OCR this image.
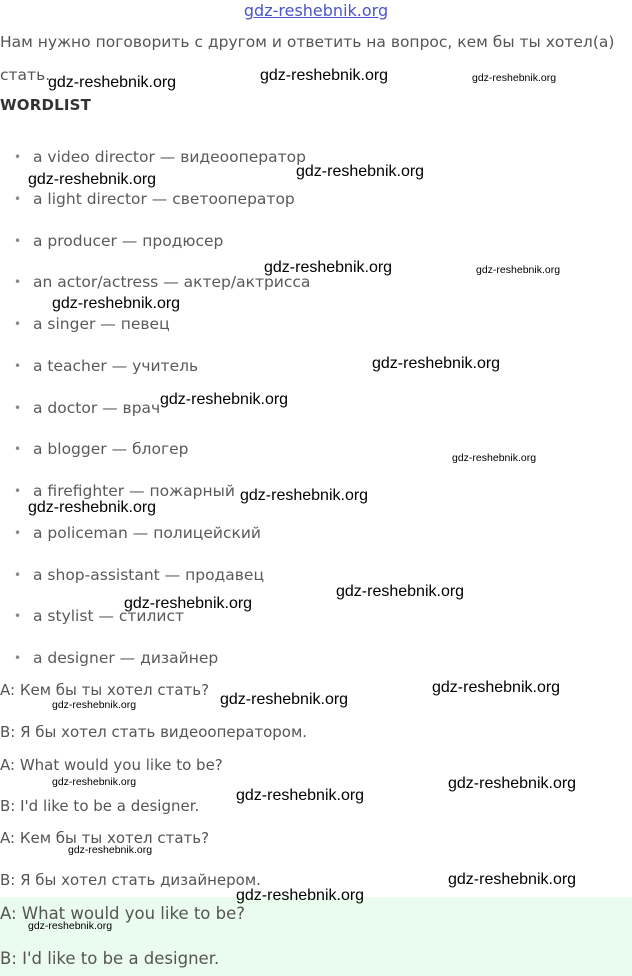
gdz-reshebnik.org
Нам нужно поговорить с другом и ответить на вопрос, кем бы ты хотел(а)
стать.
WORDLIST
• a video director — видеооператор
• a light director — светооператор
• a producer — продюсер
• an actor/actress — актер/актрисса
• a singer — певец
• a teacher — учитель
• a doctor — врач
• a blogger — блогер
• a firefighter — пожарный
• a policeman — полицейский
• a shop-assistant — продавец
• a stylist — стилист
• a designer — дизайнер
A: Кем бы ты хотел стать?
B: Я бы хотел стать видеооператором.
A: What would you like to be?
B: I'd like to be a designer.
A: Кем бы ты хотел стать?
B: Я бы хотел стать дизайнером.
A: What would you like to be?
B: I'd like to be a designer.
gdz-reshebnik.org	gdz-reshebnik.org	gdz-reshebnik.org
gdz-reshebnik.org
gdz-reshebnik.org
gdz-reshebnik.org	gdz-reshebnik.org
gdz-reshebnik.org
gdz-reshebnik.org
gdz-reshebnik.org
gdz-reshebnik.org
gdz-reshebnik.org
gdz-reshebnik.org
gdz-reshebnik.org
gdz-reshebnik.org
gdz-reshebnik.org
gdz-reshebnik.org
gdz-reshebnik.org
gdz-reshebnik.org	gdz-reshebnik.org
gdz-reshebnik.org
gdz-reshebnik.org
gdz-reshebnik.org
gdz-reshebnik.org
gdz-reshebnik.org
